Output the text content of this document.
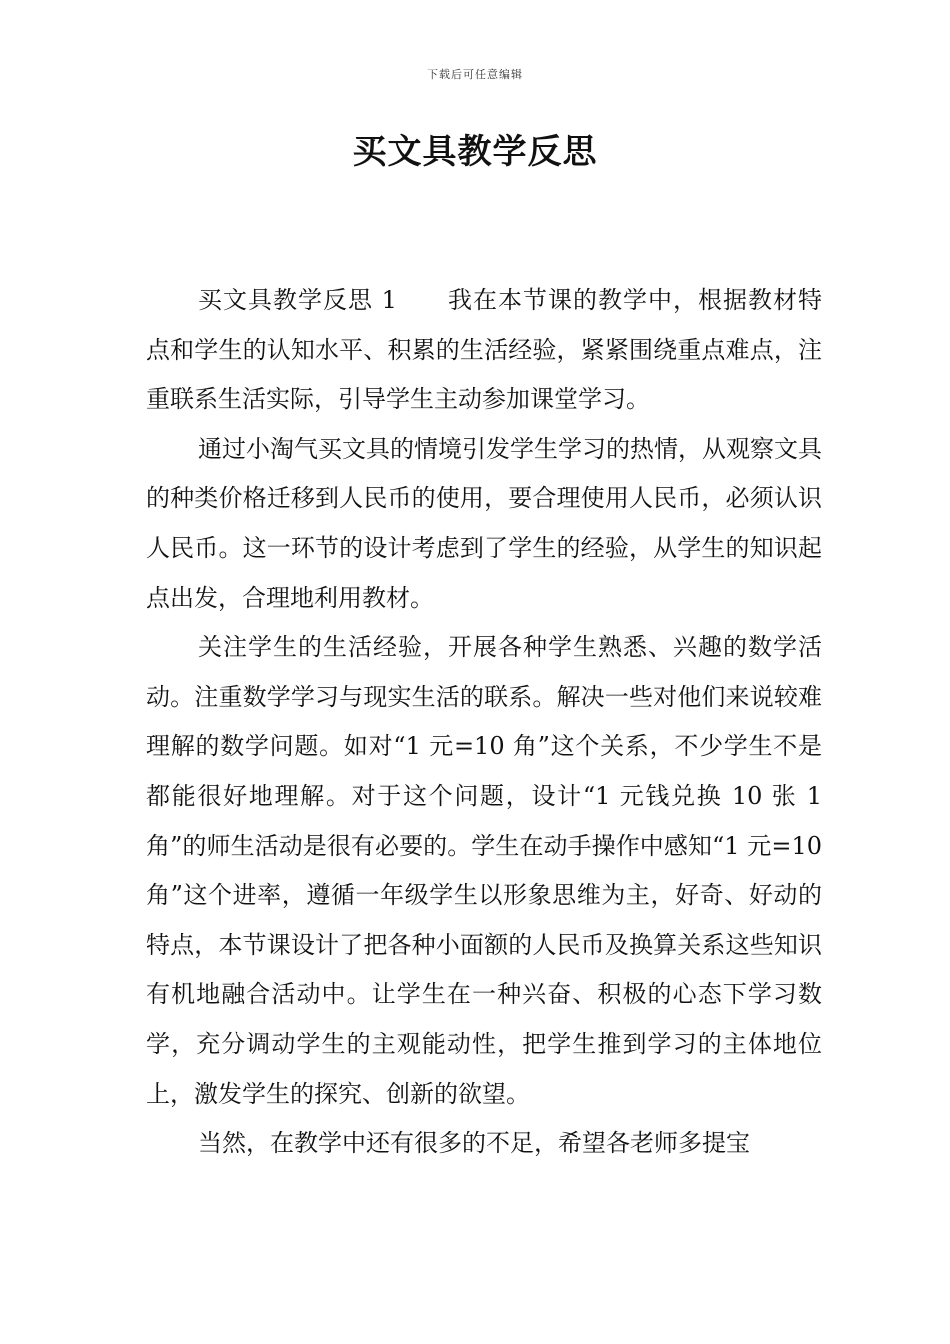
下载后可任意编辑
买文具教学反思

买文具教学反思 1 我在本节课的教学中，根据教材特点和学生的认知水平、积累的生活经验，紧紧围绕重点难点，注重联系生活实际，引导学生主动参加课堂学习。

通过小淘气买文具的情境引发学生学习的热情，从观察文具的种类价格迁移到人民币的使用，要合理使用人民币，必须认识人民币。这一环节的设计考虑到了学生的经验，从学生的知识起点出发，合理地利用教材。

关注学生的生活经验，开展各种学生熟悉、兴趣的数学活动。注重数学学习与现实生活的联系。解决一些对他们来说较难理解的数学问题。如对“1 元=10 角”这个关系，不少学生不是都能很好地理解。对于这个问题，设计“1 元钱兑换 10 张 1 角”的师生活动是很有必要的。学生在动手操作中感知“1 元=10 角”这个进率，遵循一年级学生以形象思维为主，好奇、好动的特点，本节课设计了把各种小面额的人民币及换算关系这些知识有机地融合活动中。让学生在一种兴奋、积极的心态下学习数学，充分调动学生的主观能动性，把学生推到学习的主体地位上，激发学生的探究、创新的欲望。

当然，在教学中还有很多的不足，希望各老师多提宝
